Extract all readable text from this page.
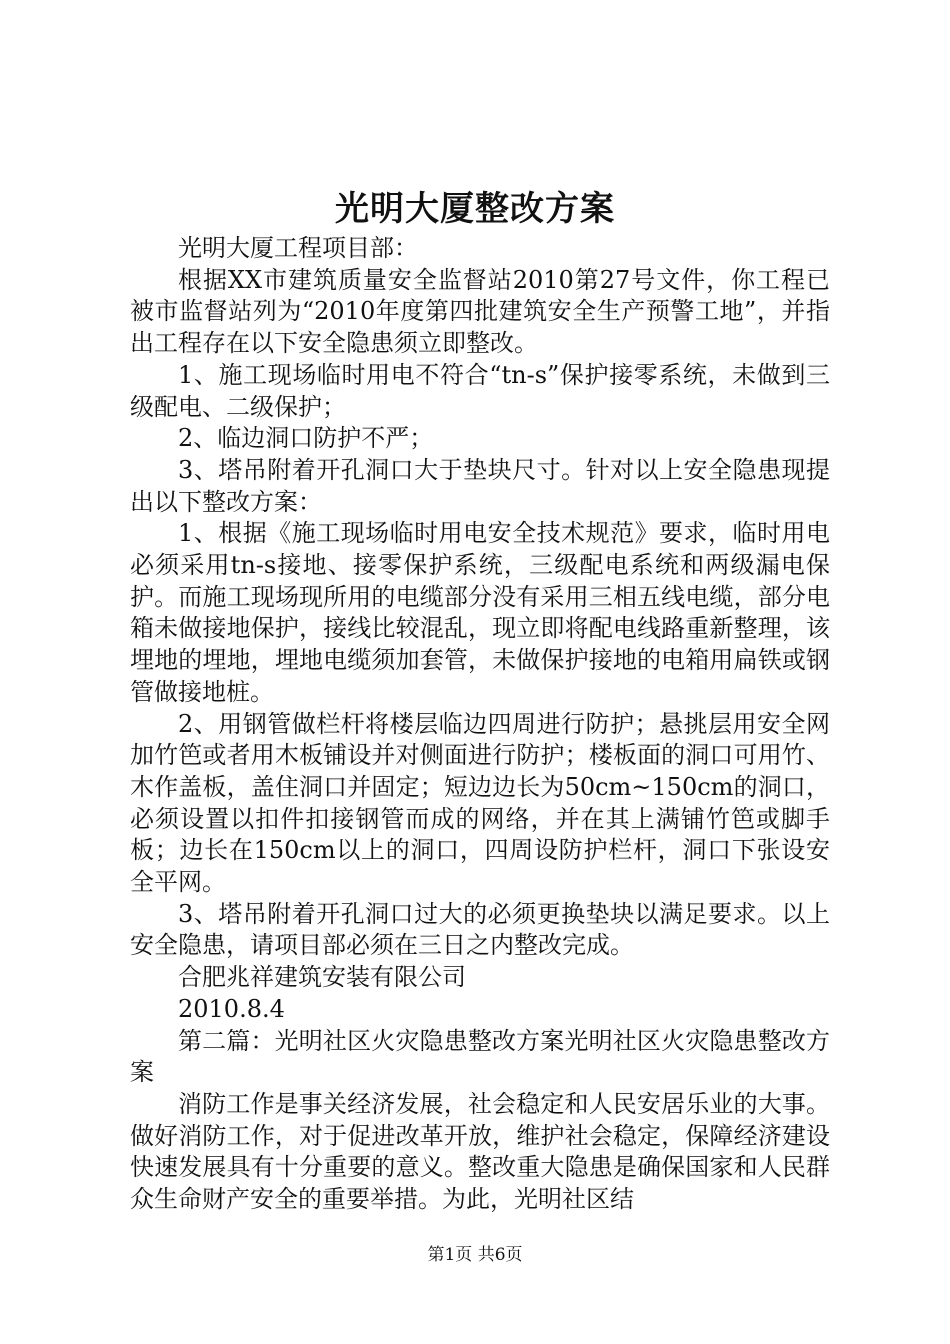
光明大厦整改方案

光明大厦工程项目部：

根据XX市建筑质量安全监督站2010第27号文件，你工程已被市监督站列为“2010年度第四批建筑安全生产预警工地”，并指出工程存在以下安全隐患须立即整改。

1、施工现场临时用电不符合“tn-s”保护接零系统，未做到三级配电、二级保护；

2、临边洞口防护不严；

3、塔吊附着开孔洞口大于垫块尺寸。针对以上安全隐患现提出以下整改方案：

1、根据《施工现场临时用电安全技术规范》要求，临时用电必须采用tn-s接地、接零保护系统，三级配电系统和两级漏电保护。而施工现场现所用的电缆部分没有采用三相五线电缆，部分电箱未做接地保护，接线比较混乱，现立即将配电线路重新整理，该埋地的埋地，埋地电缆须加套管，未做保护接地的电箱用扁铁或钢管做接地桩。

2、用钢管做栏杆将楼层临边四周进行防护；悬挑层用安全网加竹笆或者用木板铺设并对侧面进行防护；楼板面的洞口可用竹、木作盖板，盖住洞口并固定；短边边长为50cm~150cm的洞口，必须设置以扣件扣接钢管而成的网络，并在其上满铺竹笆或脚手板；边长在150cm以上的洞口，四周设防护栏杆，洞口下张设安全平网。

3、塔吊附着开孔洞口过大的必须更换垫块以满足要求。以上安全隐患，请项目部必须在三日之内整改完成。

合肥兆祥建筑安装有限公司

2010.8.4

第二篇：光明社区火灾隐患整改方案光明社区火灾隐患整改方案

消防工作是事关经济发展，社会稳定和人民安居乐业的大事。做好消防工作，对于促进改革开放，维护社会稳定，保障经济建设快速发展具有十分重要的意义。整改重大隐患是确保国家和人民群众生命财产安全的重要举措。为此，光明社区结

第1页 共6页
